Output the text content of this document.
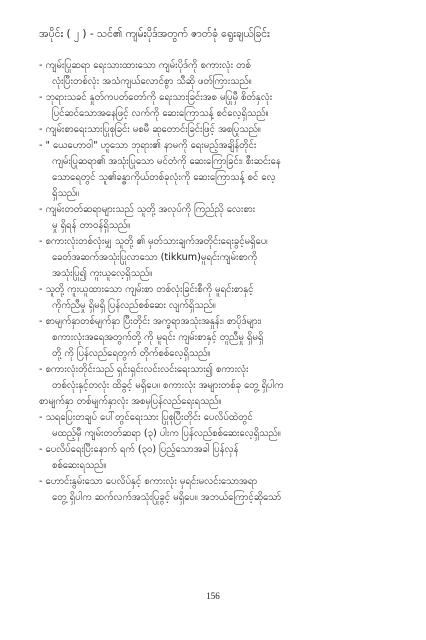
အပိုင်း ( ၂ ) - သင်၏ ကျမ်းပိုဒ်အတွက် ဇာတ်ခုံ ရွေးချယ်ခြင်း
- ကျမ်းပြုဆရာ ရေးသားထားသော ကျမ်းပိုဒ်ကို စကားလုံး တစ်
လုံးပြီးတစ်လုံး အသံကျယ်လောင်စွာ သီဆို ဖတ်ကြားသည်။
- ဘုရားသခင် နှုတ်ကပတ်တော်ကို ရေးသားခြင်းအစ မပြုမှီ စိတ်နှလုံး
ပြင်ဆင်သောအနေဖြင့် လက်ကို ဆေးကြောသန့် စင်လေ့ရှိသည်။
- ကျမ်းစာရေးသားပြုစုခြင်း မစမီ ဆုတောင်းခြင်းဖြင့် အစပြုသည်။
- " ယေဟောဝါ" ဟူသော ဘုရား၏ နာမကို ရေးမည့်အချိန်တိုင်း
ကျမ်းပြုဆရာ၏ အသုံးပြုသော မင်တံကို ဆေးကြောခြင်း၊ စီးဆင်းနေ
သောရေတွင် သူ၏ခန္ဓာကိုယ်တစ်ခုလုံးကို ဆေးကြောသန့် စင် လေ့
ရှိသည်။
- ကျမ်းတတ်ဆရာများသည် သူတို့ အလုပ်ကို ကြည်ညို လေးစား
မှု ရှိရန် တာဝန်ရှိသည်။
- စကားလုံးတစ်လုံးမျှ သူတို့ ၏ မှတ်သားချက်အတိုင်းရေးခွင့်မရှိပေ၊
ခေတ်အဆက်အသုံးပြုလာသော (tikkum)မူရင်းကျမ်းစာကို
အသုံးပြု၍ ကူးယူလေ့ရှိသည်။
- သူတို့ ကူးယူထားသော ကျမ်းစာ တစ်လုံးခြင်းစီကို မူရင်းစာနှင့်
ကိုက်ညီမှု ရှိမရှိ ပြန်လည်စစ်ဆေး လျက်ရှိသည်။
- စာမျက်နှာတစ်မျက်နှာ ပြီးတိုင်း အက္ခရာအသုံးအနှုန်း၊ စာပိုဒ်များ၊
စကားလုံးအရေအတွက်တို့ ကို မူရင်း ကျမ်းစာနှင့် တူညီမှု ရှိမရှိ
တို့ ကို ပြန်လည်ရေတွက် တိုက်စစ်လေ့ရှိသည်။
- စကားလုံးတိုင်းသည် ရှင်းရှင်းလင်းလင်းရေးသား၍ စကားလုံး
တစ်လုံးနှင့်တလုံး ထိခွင့် မရှိပေ။ စကားလုံး အများတစ်ခု တွေ့ ရှိပါက
စာမျက်နှာ တစ်မျက်နှာလုံး အစမှပြန်လည်ရေးရသည်။
- သရပြေးတချပ် ပေါ်တွင်ရေးသား ပြုစုပြီးတိုင်း ပေလိပ်ထဲတွင်
မထည့်မှီ ကျမ်းတတ်ဆရာ (၃) ပါးက ပြန်လည်စစ်ဆေးလေ့ရှိသည်။
- ပေလိပ်ရေးပြီးနောက် ရက် (၃၀) ပြည့်သောအခါ ပြန်လှန်
စစ်ဆေးရသည်။
- ဟောင်းနွမ်းသော ပေလိပ်နှင့် စကားလုံး မှရင်းမလင်းသောအရာ
တွေ့ ရှိပါက ဆက်လက်အသုံးပြုခွင့် မရှိပေ။ အဘယ်ကြောင့်ဆိုသော်
156
